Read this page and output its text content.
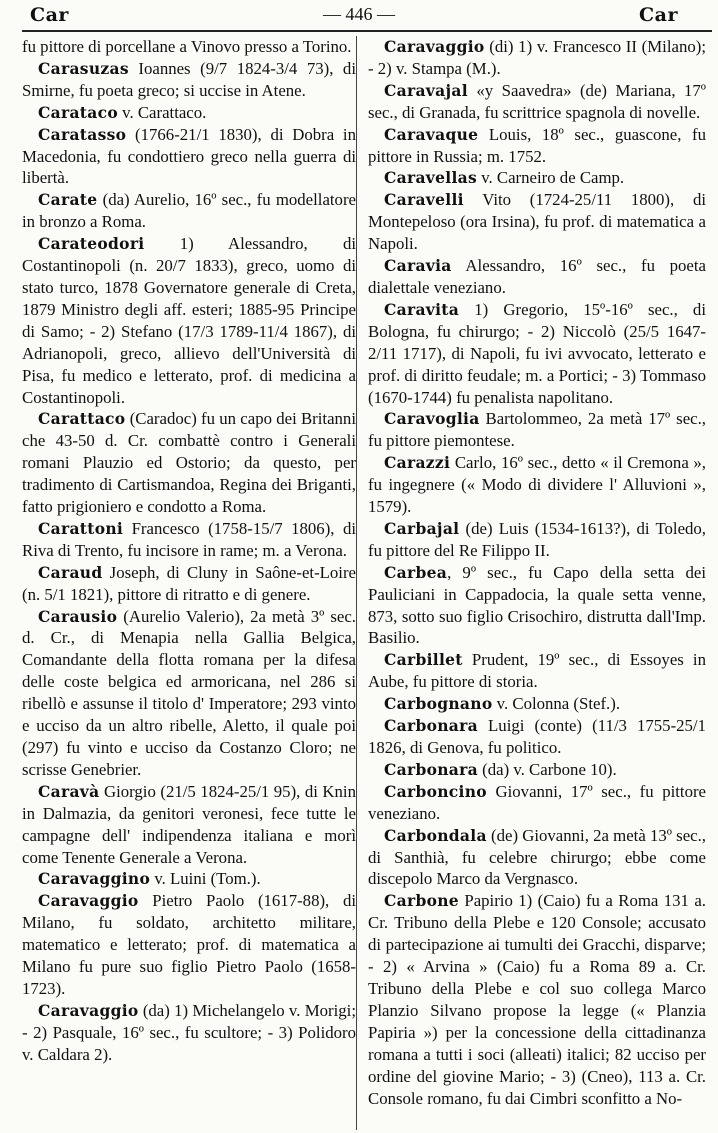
Car	— 446 —	Car

fu pittore di porcellane a Vinovo presso a Torino.

Carasuzas Ioannes (9/7 1824-3/4 73), di Smirne, fu poeta greco; si uccise in Atene.

Caratacο v. Carattaco.

Caratasso (1766-21/1 1830), di Dobra in Macedonia, fu condottiero greco nella guerra di libertà.

Carate (da) Aurelio, 16º sec., fu modellatore in bronzo a Roma.

Carateodori 1) Alessandro, di Costantinopoli (n. 20/7 1833), greco, uomo di stato turco, 1878 Governatore generale di Creta, 1879 Ministro degli aff. esteri; 1885-95 Principe di Samo; - 2) Stefano (17/3 1789-11/4 1867), di Adrianopoli, greco, allievo dell'Università di Pisa, fu medico e letterato, prof. di medicina a Costantinopoli.

Carattaco (Caradoc) fu un capo dei Britanni che 43-50 d. Cr. combattè contro i Generali romani Plauzio ed Ostorio; da questo, per tradimento di Cartismandoa, Regina dei Briganti, fatto prigioniero e condotto a Roma.

Carattoni Francesco (1758-15/7 1806), di Riva di Trento, fu incisore in rame; m. a Verona.

Caraud Joseph, di Cluny in Saône-et-Loire (n. 5/1 1821), pittore di ritratto e di genere.

Carausio (Aurelio Valerio), 2a metà 3º sec. d. Cr., di Menapia nella Gallia Belgica, Comandante della flotta romana per la difesa delle coste belgica ed armoricana, nel 286 si ribellò e assunse il titolo d' Imperatore; 293 vinto e ucciso da un altro ribelle, Aletto, il quale poi (297) fu vinto e ucciso da Costanzo Cloro; ne scrisse Genebrier.

Caravà Giorgio (21/5 1824-25/1 95), di Knin in Dalmazia, da genitori veronesi, fece tutte le campagne dell' indipendenza italiana e morì come Tenente Generale a Verona.

Caravaggino v. Luini (Tom.).

Caravaggio Pietro Paolo (1617-88), di Milano, fu soldato, architetto militare, matematico e letterato; prof. di matematica a Milano fu pure suo figlio Pietro Paolo (1658-1723).

Caravaggio (da) 1) Michelangelo v. Morigi; - 2) Pasquale, 16º sec., fu scultore; - 3) Polidoro v. Caldara 2).

Caravaggio (di) 1) v. Francesco II (Milano); - 2) v. Stampa (M.).

Caravajal «y Saavedra» (de) Mariana, 17º sec., di Granada, fu scrittrice spagnola di novelle.

Caravaque Louis, 18º sec., guascone, fu pittore in Russia; m. 1752.

Caravellas v. Carneiro de Camp.

Caravelli Vito (1724-25/11 1800), di Montepeloso (ora Irsina), fu prof. di matematica a Napoli.

Caravia Alessandro, 16º sec., fu poeta dialettale veneziano.

Caravita 1) Gregorio, 15º-16º sec., di Bologna, fu chirurgo; - 2) Niccolò (25/5 1647-2/11 1717), di Napoli, fu ivi avvocato, letterato e prof. di diritto feudale; m. a Portici; - 3) Tommaso (1670-1744) fu penalista napolitano.

Caravoglia Bartolommeo, 2a metà 17º sec., fu pittore piemontese.

Carazzi Carlo, 16º sec., detto « il Cremona », fu ingegnere (« Modo di dividere l' Alluvioni », 1579).

Carbajal (de) Luis (1534-1613?), di Toledo, fu pittore del Re Filippo II.

Carbea, 9º sec., fu Capo della setta dei Pauliciani in Cappadocia, la quale setta venne, 873, sotto suo figlio Crisochiro, distrutta dall'Imp. Basilio.

Carbillet Prudent, 19º sec., di Essoyes in Aube, fu pittore di storia.

Carbognano v. Colonna (Stef.).

Carbonara Luigi (conte) (11/3 1755-25/1 1826, di Genova, fu politico.

Carbonara (da) v. Carbone 10).

Carboncino Giovanni, 17º sec., fu pittore veneziano.

Carbondala (de) Giovanni, 2a metà 13º sec., di Santhià, fu celebre chirurgo; ebbe come discepolo Marco da Vergnasco.

Carbone Papirio 1) (Caio) fu a Roma 131 a. Cr. Tribuno della Plebe e 120 Console; accusato di partecipazione ai tumulti dei Gracchi, disparve; - 2) « Arvina » (Caio) fu a Roma 89 a. Cr. Tribuno della Plebe e col suo collega Marco Planzio Silvano propose la legge (« Planzia Papiria ») per la concessione della cittadinanza romana a tutti i soci (alleati) italici; 82 ucciso per ordine del giovine Mario; - 3) (Cneo), 113 a. Cr. Console romano, fu dai Cimbri sconfitto a No-
